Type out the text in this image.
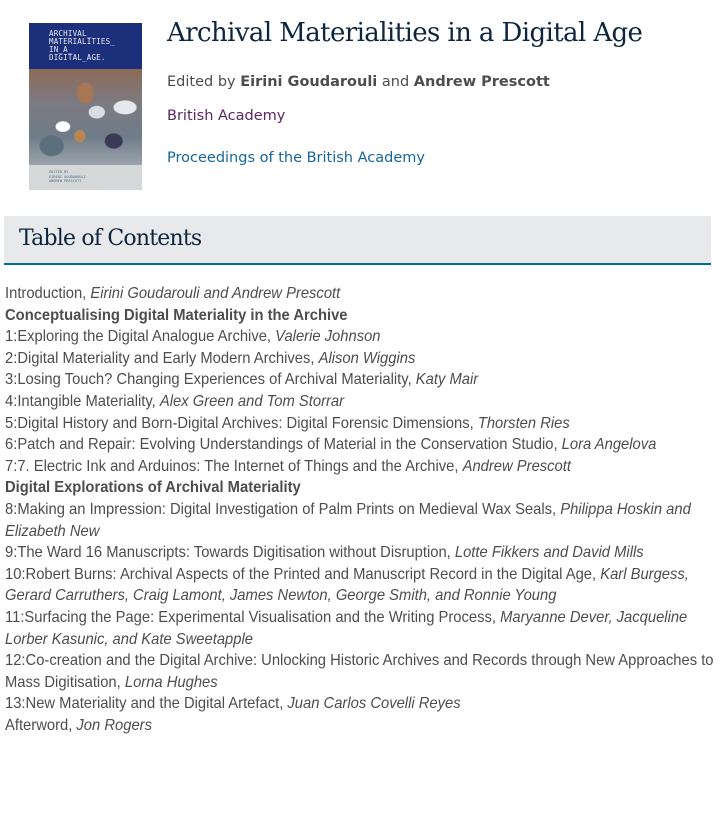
ARCHIVAL_
MATERIALITIES_
IN_A_
DIGITAL_AGE.
EDITED BY
EIRINI GOUDAROULI
ANDREW PRESCOTT
Archival Materialities in a Digital Age
Edited by Eirini Goudarouli and Andrew Prescott
British Academy
Proceedings of the British Academy
Table of Contents
Introduction, Eirini Goudarouli and Andrew Prescott
Conceptualising Digital Materiality in the Archive
1:Exploring the Digital Analogue Archive, Valerie Johnson
2:Digital Materiality and Early Modern Archives, Alison Wiggins
3:Losing Touch? Changing Experiences of Archival Materiality, Katy Mair
4:Intangible Materiality, Alex Green and Tom Storrar
5:Digital History and Born-Digital Archives: Digital Forensic Dimensions, Thorsten Ries
6:Patch and Repair: Evolving Understandings of Material in the Conservation Studio, Lora Angelova
7:7. Electric Ink and Arduinos: The Internet of Things and the Archive, Andrew Prescott
Digital Explorations of Archival Materiality
8:Making an Impression: Digital Investigation of Palm Prints on Medieval Wax Seals, Philippa Hoskin and Elizabeth New
9:The Ward 16 Manuscripts: Towards Digitisation without Disruption, Lotte Fikkers and David Mills
10:Robert Burns: Archival Aspects of the Printed and Manuscript Record in the Digital Age, Karl Burgess, Gerard Carruthers, Craig Lamont, James Newton, George Smith, and Ronnie Young
11:Surfacing the Page: Experimental Visualisation and the Writing Process, Maryanne Dever, Jacqueline Lorber Kasunic, and Kate Sweetapple
12:Co-creation and the Digital Archive: Unlocking Historic Archives and Records through New Approaches to Mass Digitisation, Lorna Hughes
13:New Materiality and the Digital Artefact, Juan Carlos Covelli Reyes
Afterword, Jon Rogers
